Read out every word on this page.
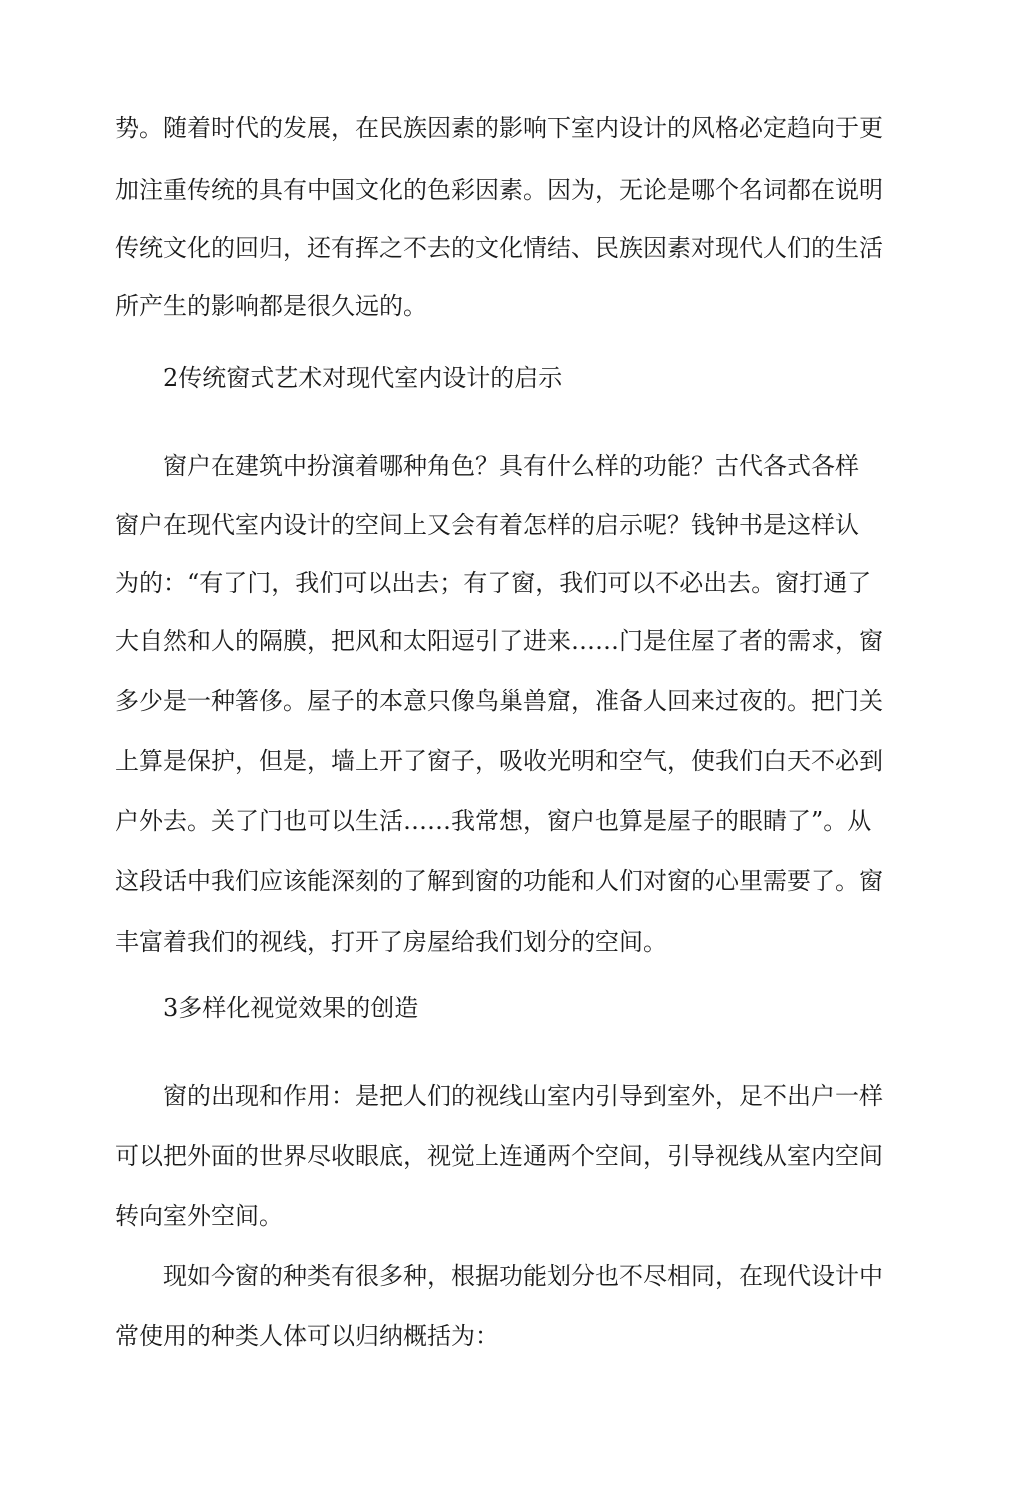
势。随着时代的发展，在民族因素的影响下室内设计的风格必定趋向于更
加注重传统的具有中国文化的色彩因素。因为，无论是哪个名词都在说明
传统文化的回归，还有挥之不去的文化情结、民族因素对现代人们的生活
所产生的影响都是很久远的。
2传统窗式艺术对现代室内设计的启示
窗户在建筑中扮演着哪种角色？具有什么样的功能？古代各式各样
窗户在现代室内设计的空间上又会有着怎样的启示呢？钱钟书是这样认
为的：“有了门，我们可以出去；有了窗，我们可以不必出去。窗打通了
大自然和人的隔膜，把风和太阳逗引了进来……门是住屋了者的需求，窗
多少是一种箸侈。屋子的本意只像鸟巢兽窟，准备人回来过夜的。把门关
上算是保护，但是，墙上开了窗子，吸收光明和空气，使我们白天不必到
户外去。关了门也可以生活……我常想，窗户也算是屋子的眼睛了”。从
这段话中我们应该能深刻的了解到窗的功能和人们对窗的心里需要了。窗
丰富着我们的视线，打开了房屋给我们划分的空间。
3多样化视觉效果的创造
窗的出现和作用：是把人们的视线山室内引导到室外，足不出户一样
可以把外面的世界尽收眼底，视觉上连通两个空间，引导视线从室内空间
转向室外空间。
现如今窗的种类有很多种，根据功能划分也不尽相同，在现代设计中
常使用的种类人体可以归纳概括为：
